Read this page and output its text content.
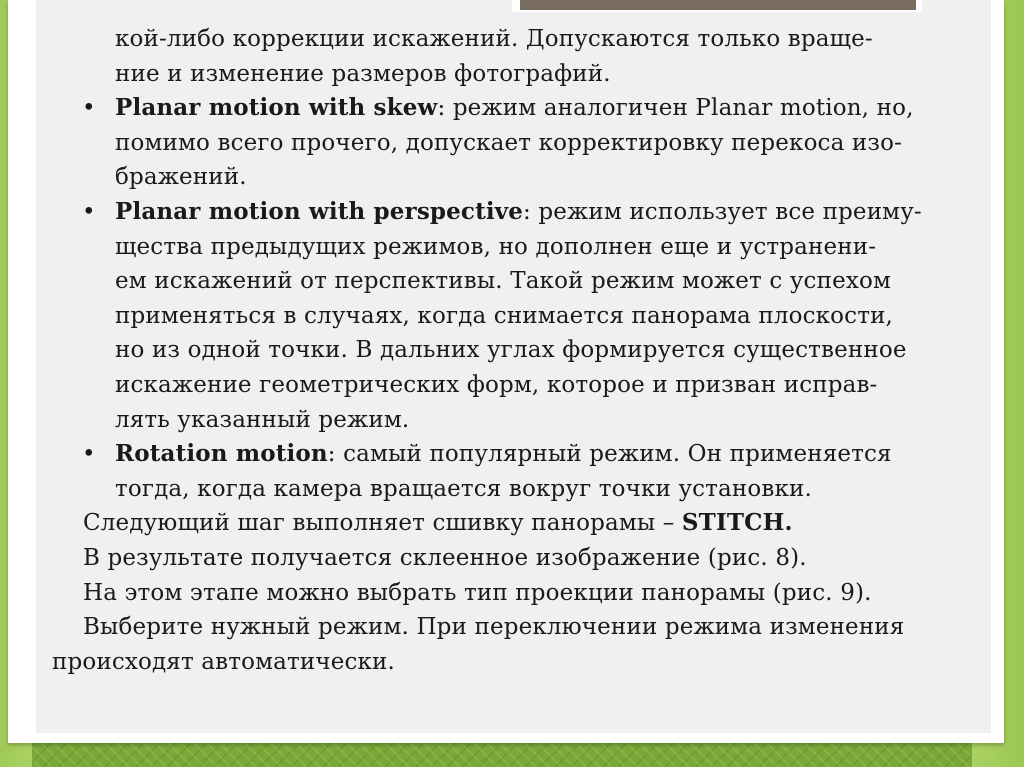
кой-либо коррекции искажений. Допускаются только враще-
ние и изменение размеров фотографий.
• Planar motion with skew: режим аналогичен Planar motion, но,
помимо всего прочего, допускает корректировку перекоса изо-
бражений.
• Planar motion with perspective: режим использует все преиму-
щества предыдущих режимов, но дополнен еще и устранени-
ем искажений от перспективы. Такой режим может с успехом
применяться в случаях, когда снимается панорама плоскости,
но из одной точки. В дальних углах формируется существенное
искажение геометрических форм, которое и призван исправ-
лять указанный режим.
• Rotation motion: самый популярный режим. Он применяется
тогда, когда камера вращается вокруг точки установки.
Следующий шаг выполняет сшивку панорамы – STITCH.
В результате получается склеенное изображение (рис. 8).
На этом этапе можно выбрать тип проекции панорамы (рис. 9).
Выберите нужный режим. При переключении режима изменения
происходят автоматически.
